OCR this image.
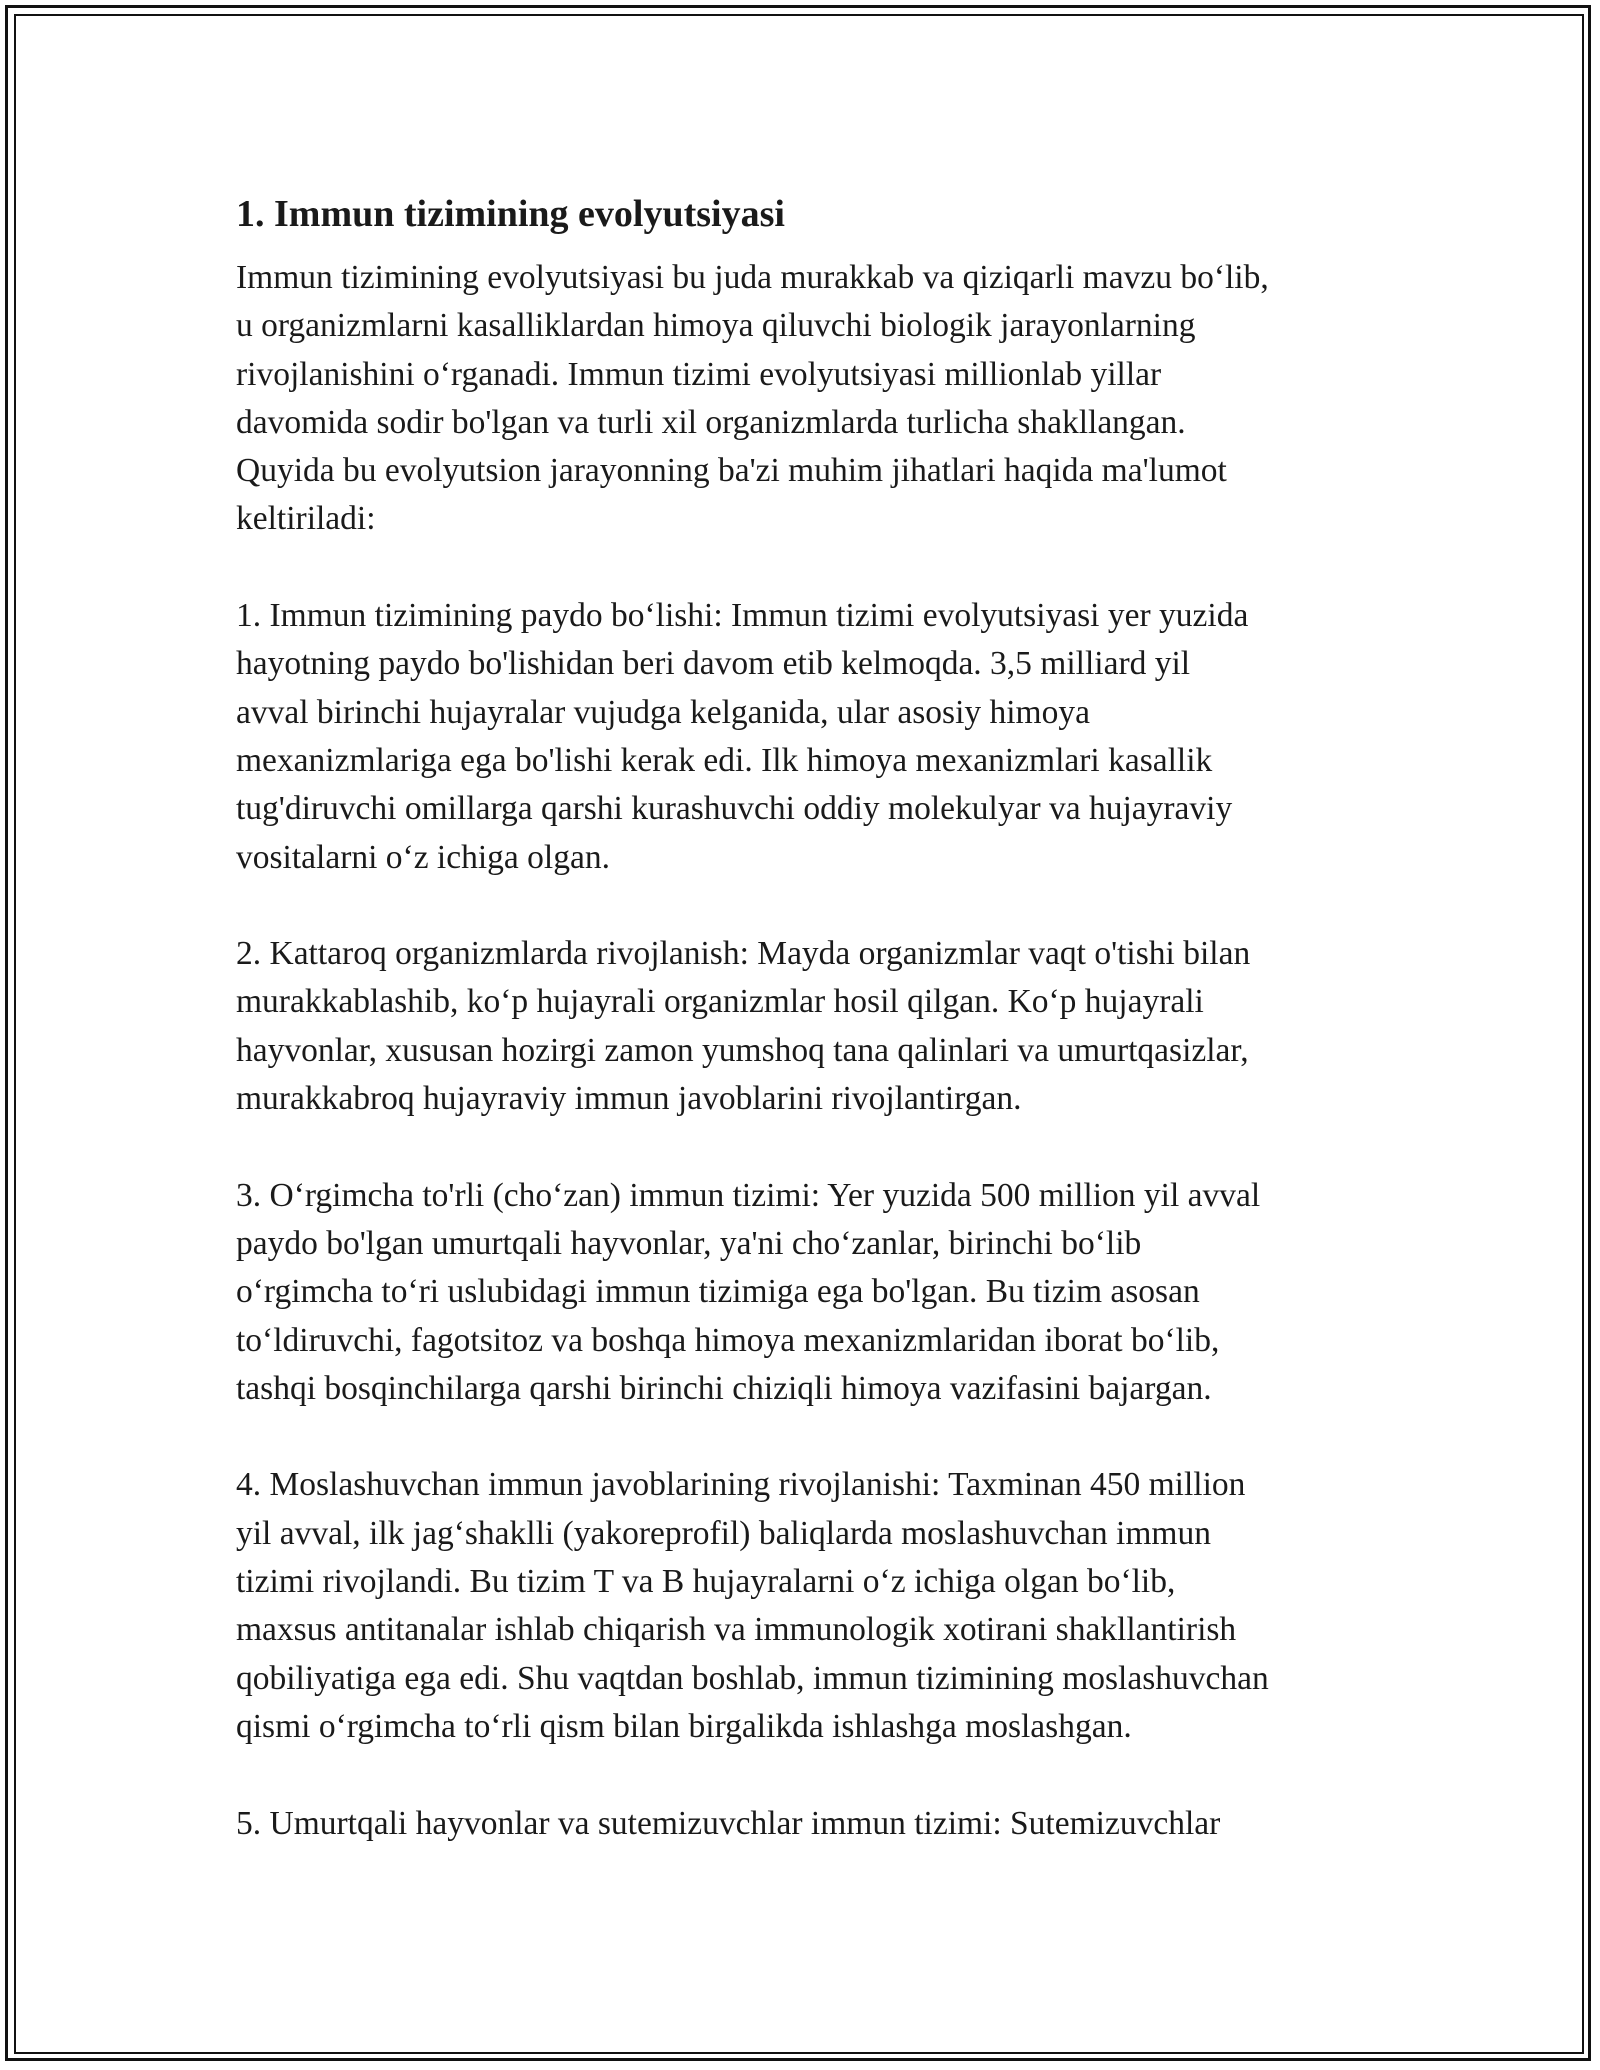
1. Immun tizimining evolyutsiyasi

Immun tizimining evolyutsiyasi bu juda murakkab va qiziqarli mavzu bo‘lib,
u organizmlarni kasalliklardan himoya qiluvchi biologik jarayonlarning
rivojlanishini o‘rganadi. Immun tizimi evolyutsiyasi millionlab yillar
davomida sodir bo'lgan va turli xil organizmlarda turlicha shakllangan.
Quyida bu evolyutsion jarayonning ba'zi muhim jihatlari haqida ma'lumot
keltiriladi:

1. Immun tizimining paydo bo‘lishi: Immun tizimi evolyutsiyasi yer yuzida
hayotning paydo bo'lishidan beri davom etib kelmoqda. 3,5 milliard yil
avval birinchi hujayralar vujudga kelganida, ular asosiy himoya
mexanizmlariga ega bo'lishi kerak edi. Ilk himoya mexanizmlari kasallik
tug'diruvchi omillarga qarshi kurashuvchi oddiy molekulyar va hujayraviy
vositalarni o‘z ichiga olgan.

2. Kattaroq organizmlarda rivojlanish: Mayda organizmlar vaqt o'tishi bilan
murakkablashib, ko‘p hujayrali organizmlar hosil qilgan. Ko‘p hujayrali
hayvonlar, xususan hozirgi zamon yumshoq tana qalinlari va umurtqasizlar,
murakkabroq hujayraviy immun javoblarini rivojlantirgan.

3. O‘rgimcha to'rli (cho‘zan) immun tizimi: Yer yuzida 500 million yil avval
paydo bo'lgan umurtqali hayvonlar, ya'ni cho‘zanlar, birinchi bo‘lib
o‘rgimcha to‘ri uslubidagi immun tizimiga ega bo'lgan. Bu tizim asosan
to‘ldiruvchi, fagotsitoz va boshqa himoya mexanizmlaridan iborat bo‘lib,
tashqi bosqinchilarga qarshi birinchi chiziqli himoya vazifasini bajargan.

4. Moslashuvchan immun javoblarining rivojlanishi: Taxminan 450 million
yil avval, ilk jag‘shaklli (yakoreprofil) baliqlarda moslashuvchan immun
tizimi rivojlandi. Bu tizim T va B hujayralarni o‘z ichiga olgan bo‘lib,
maxsus antitanalar ishlab chiqarish va immunologik xotirani shakllantirish
qobiliyatiga ega edi. Shu vaqtdan boshlab, immun tizimining moslashuvchan
qismi o‘rgimcha to‘rli qism bilan birgalikda ishlashga moslashgan.

5. Umurtqali hayvonlar va sutemizuvchlar immun tizimi: Sutemizuvchlar
